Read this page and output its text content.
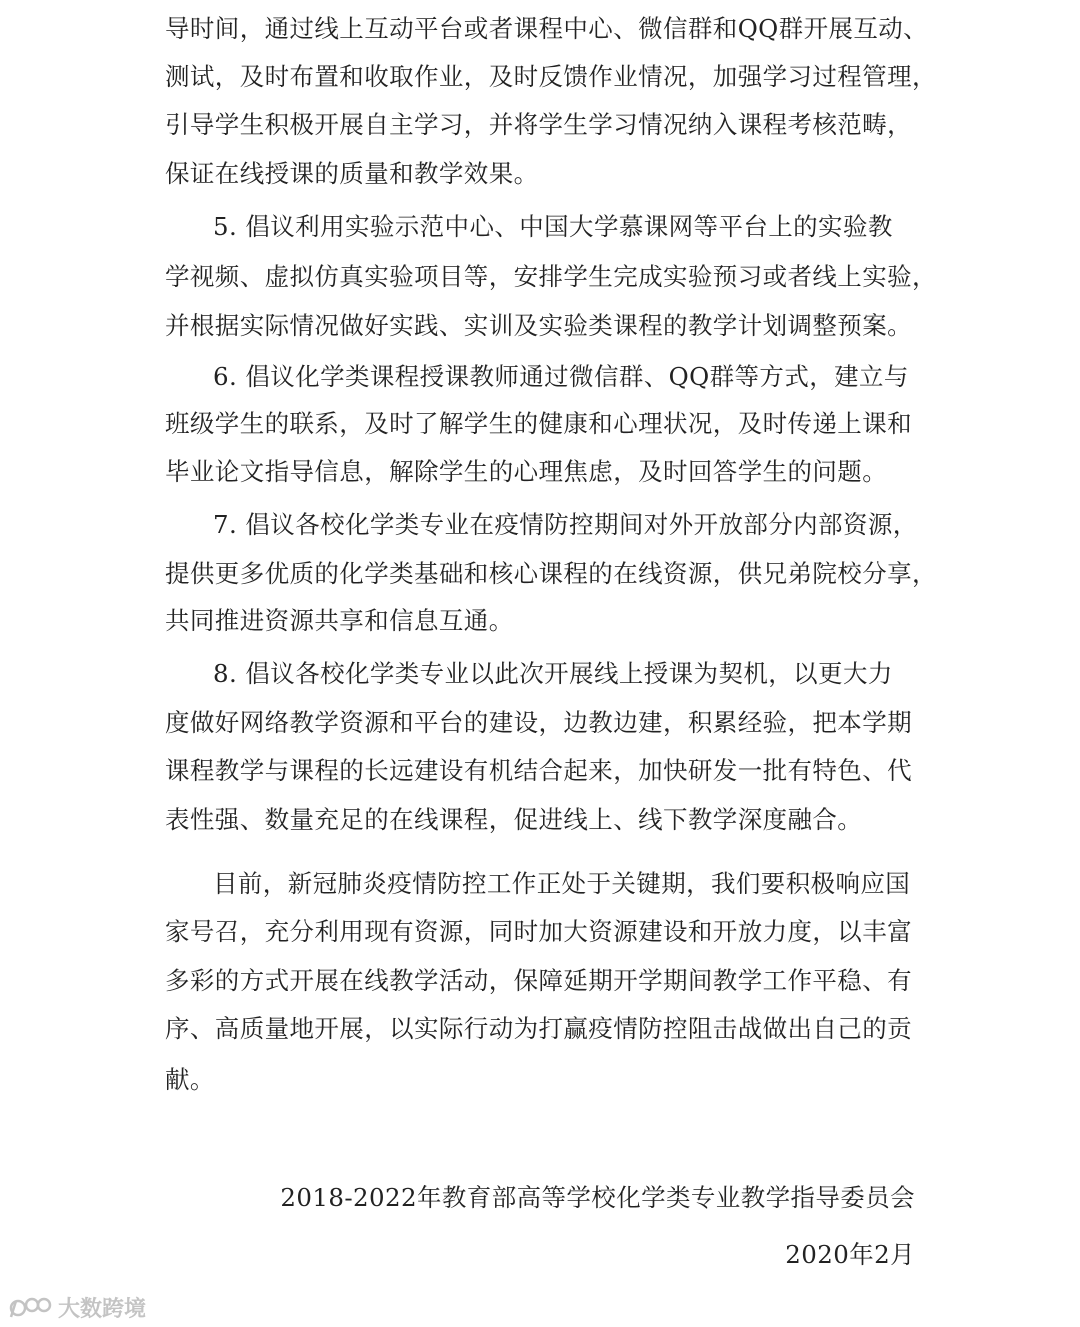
导时间，通过线上互动平台或者课程中心、微信群和QQ群开展互动、
测试，及时布置和收取作业，及时反馈作业情况，加强学习过程管理，
引导学生积极开展自主学习，并将学生学习情况纳入课程考核范畴，
保证在线授课的质量和教学效果。
5. 倡议利用实验示范中心、中国大学慕课网等平台上的实验教
学视频、虚拟仿真实验项目等，安排学生完成实验预习或者线上实验，
并根据实际情况做好实践、实训及实验类课程的教学计划调整预案。
6. 倡议化学类课程授课教师通过微信群、QQ群等方式，建立与
班级学生的联系，及时了解学生的健康和心理状况，及时传递上课和
毕业论文指导信息，解除学生的心理焦虑，及时回答学生的问题。
7. 倡议各校化学类专业在疫情防控期间对外开放部分内部资源，
提供更多优质的化学类基础和核心课程的在线资源，供兄弟院校分享，
共同推进资源共享和信息互通。
8. 倡议各校化学类专业以此次开展线上授课为契机，以更大力
度做好网络教学资源和平台的建设，边教边建，积累经验，把本学期
课程教学与课程的长远建设有机结合起来，加快研发一批有特色、代
表性强、数量充足的在线课程，促进线上、线下教学深度融合。
目前，新冠肺炎疫情防控工作正处于关键期，我们要积极响应国
家号召，充分利用现有资源，同时加大资源建设和开放力度，以丰富
多彩的方式开展在线教学活动，保障延期开学期间教学工作平稳、有
序、高质量地开展，以实际行动为打赢疫情防控阻击战做出自己的贡
献。
2018-2022年教育部高等学校化学类专业教学指导委员会
2020年2月
大数跨境
